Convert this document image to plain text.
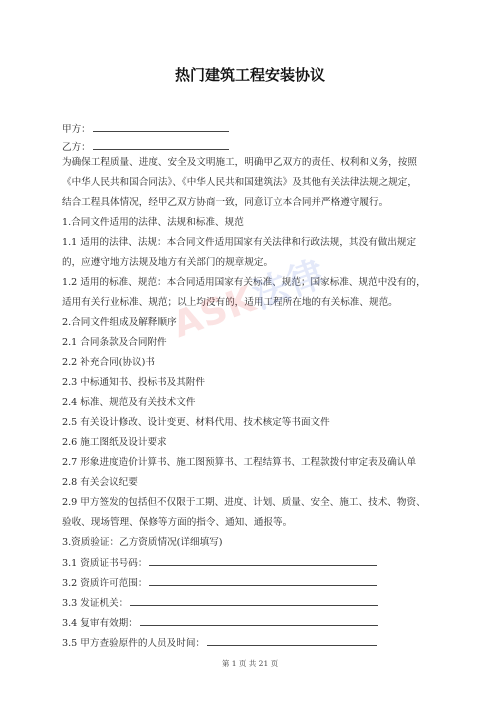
热门建筑工程安装协议
甲方：
乙方：
为确保工程质量、进度、安全及文明施工，明确甲乙双方的责任、权利和义务，按照
《中华人民共和国合同法》、《中华人民共和国建筑法》及其他有关法律法规之规定，
结合工程具体情况，经甲乙双方协商一致，同意订立本合同并严格遵守履行。
1.合同文件适用的法律、法规和标准、规范
1.1 适用的法律、法规：本合同文件适用国家有关法律和行政法规，其没有做出规定
的，应遵守地方法规及地方有关部门的规章规定。
1.2 适用的标准、规范：本合同适用国家有关标准、规范；国家标准、规范中没有的，
适用有关行业标准、规范；以上均没有的，适用工程所在地的有关标准、规范。
2.合同文件组成及解释顺序
2.1 合同条款及合同附件
2.2 补充合同(协议)书
2.3 中标通知书、投标书及其附件
2.4 标准、规范及有关技术文件
2.5 有关设计修改、设计变更、材料代用、技术核定等书面文件
2.6 施工图纸及设计要求
2.7 形象进度造价计算书、施工图预算书、工程结算书、工程款拨付审定表及确认单
2.8 有关会议纪要
2.9 甲方签发的包括但不仅限于工期、进度、计划、质量、安全、施工、技术、物资、
验收、现场管理、保修等方面的指令、通知、通报等。
3.资质验证：乙方资质情况(详细填写)
3.1 资质证书号码：
3.2 资质许可范围：
3.3 发证机关：
3.4 复审有效期：
3.5 甲方查验原件的人员及时间：
ASK法律
第 1 页 共 21 页
